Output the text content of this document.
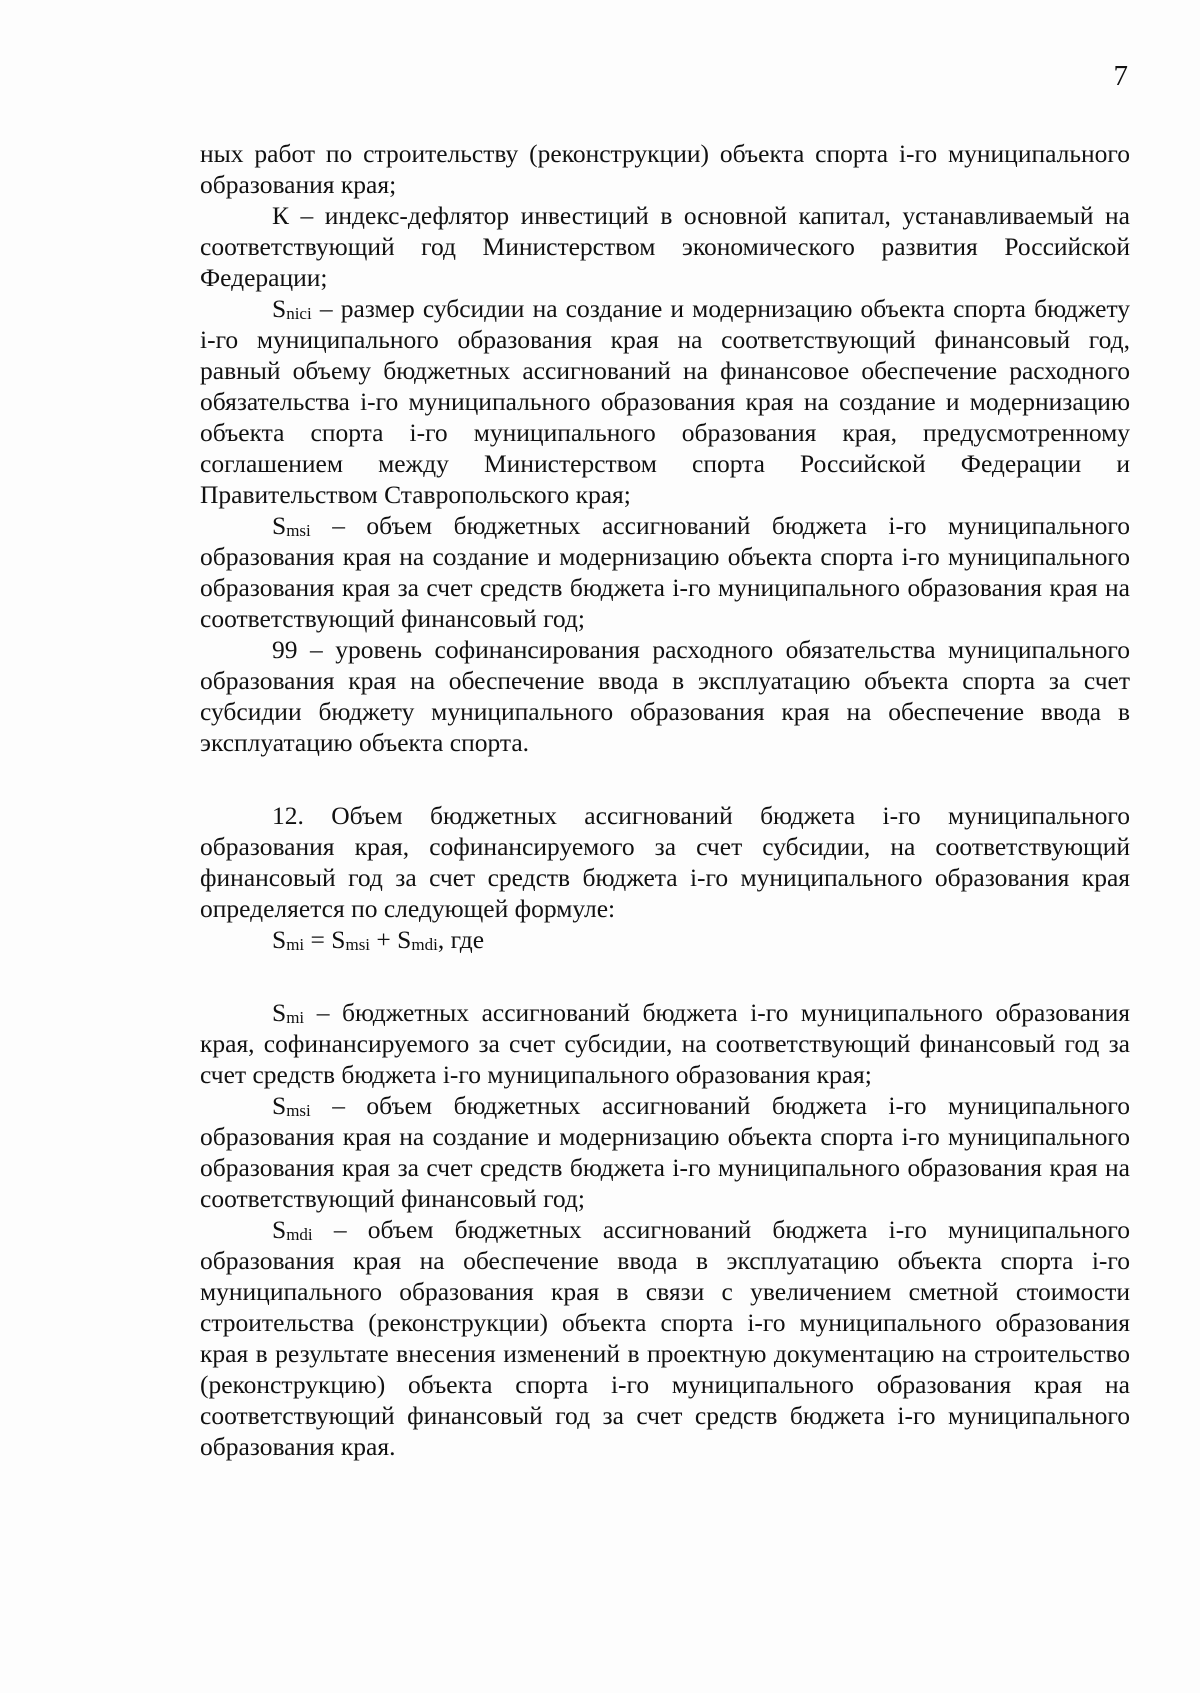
7

ных работ по строительству (реконструкции) объекта спорта i-го муниципального образования края;

К – индекс-дефлятор инвестиций в основной капитал, устанавливаемый на соответствующий год Министерством экономического развития Российской Федерации;

$S_{nici}$ – размер субсидии на создание и модернизацию объекта спорта бюджету i-го муниципального образования края на соответствующий финансовый год, равный объему бюджетных ассигнований на финансовое обеспечение расходного обязательства i-го муниципального образования края на создание и модернизацию объекта спорта i-го муниципального образования края, предусмотренному соглашением между Министерством спорта Российской Федерации и Правительством Ставропольского края;

$S_{msi}$ – объем бюджетных ассигнований бюджета i-го муниципального образования края на создание и модернизацию объекта спорта i-го муниципального образования края за счет средств бюджета i-го муниципального образования края на соответствующий финансовый год;

99 – уровень софинансирования расходного обязательства муниципального образования края на обеспечение ввода в эксплуатацию объекта спорта за счет субсидии бюджету муниципального образования края на обеспечение ввода в эксплуатацию объекта спорта.

12. Объем бюджетных ассигнований бюджета i-го муниципального образования края, софинансируемого за счет субсидии, на соответствующий финансовый год за счет средств бюджета i-го муниципального образования края определяется по следующей формуле:

$S_{mi} = S_{msi} + S_{mdi}$, где

$S_{mi}$ – бюджетных ассигнований бюджета i-го муниципального образования края, софинансируемого за счет субсидии, на соответствующий финансовый год за счет средств бюджета i-го муниципального образования края;

$S_{msi}$ – объем бюджетных ассигнований бюджета i-го муниципального образования края на создание и модернизацию объекта спорта i-го муниципального образования края за счет средств бюджета i-го муниципального образования края на соответствующий финансовый год;

$S_{mdi}$ – объем бюджетных ассигнований бюджета i-го муниципального образования края на обеспечение ввода в эксплуатацию объекта спорта i-го муниципального образования края в связи с увеличением сметной стоимости строительства (реконструкции) объекта спорта i-го муниципального образования края в результате внесения изменений в проектную документацию на строительство (реконструкцию) объекта спорта i-го муниципального образования края на соответствующий финансовый год за счет средств бюджета i-го муниципального образования края.
